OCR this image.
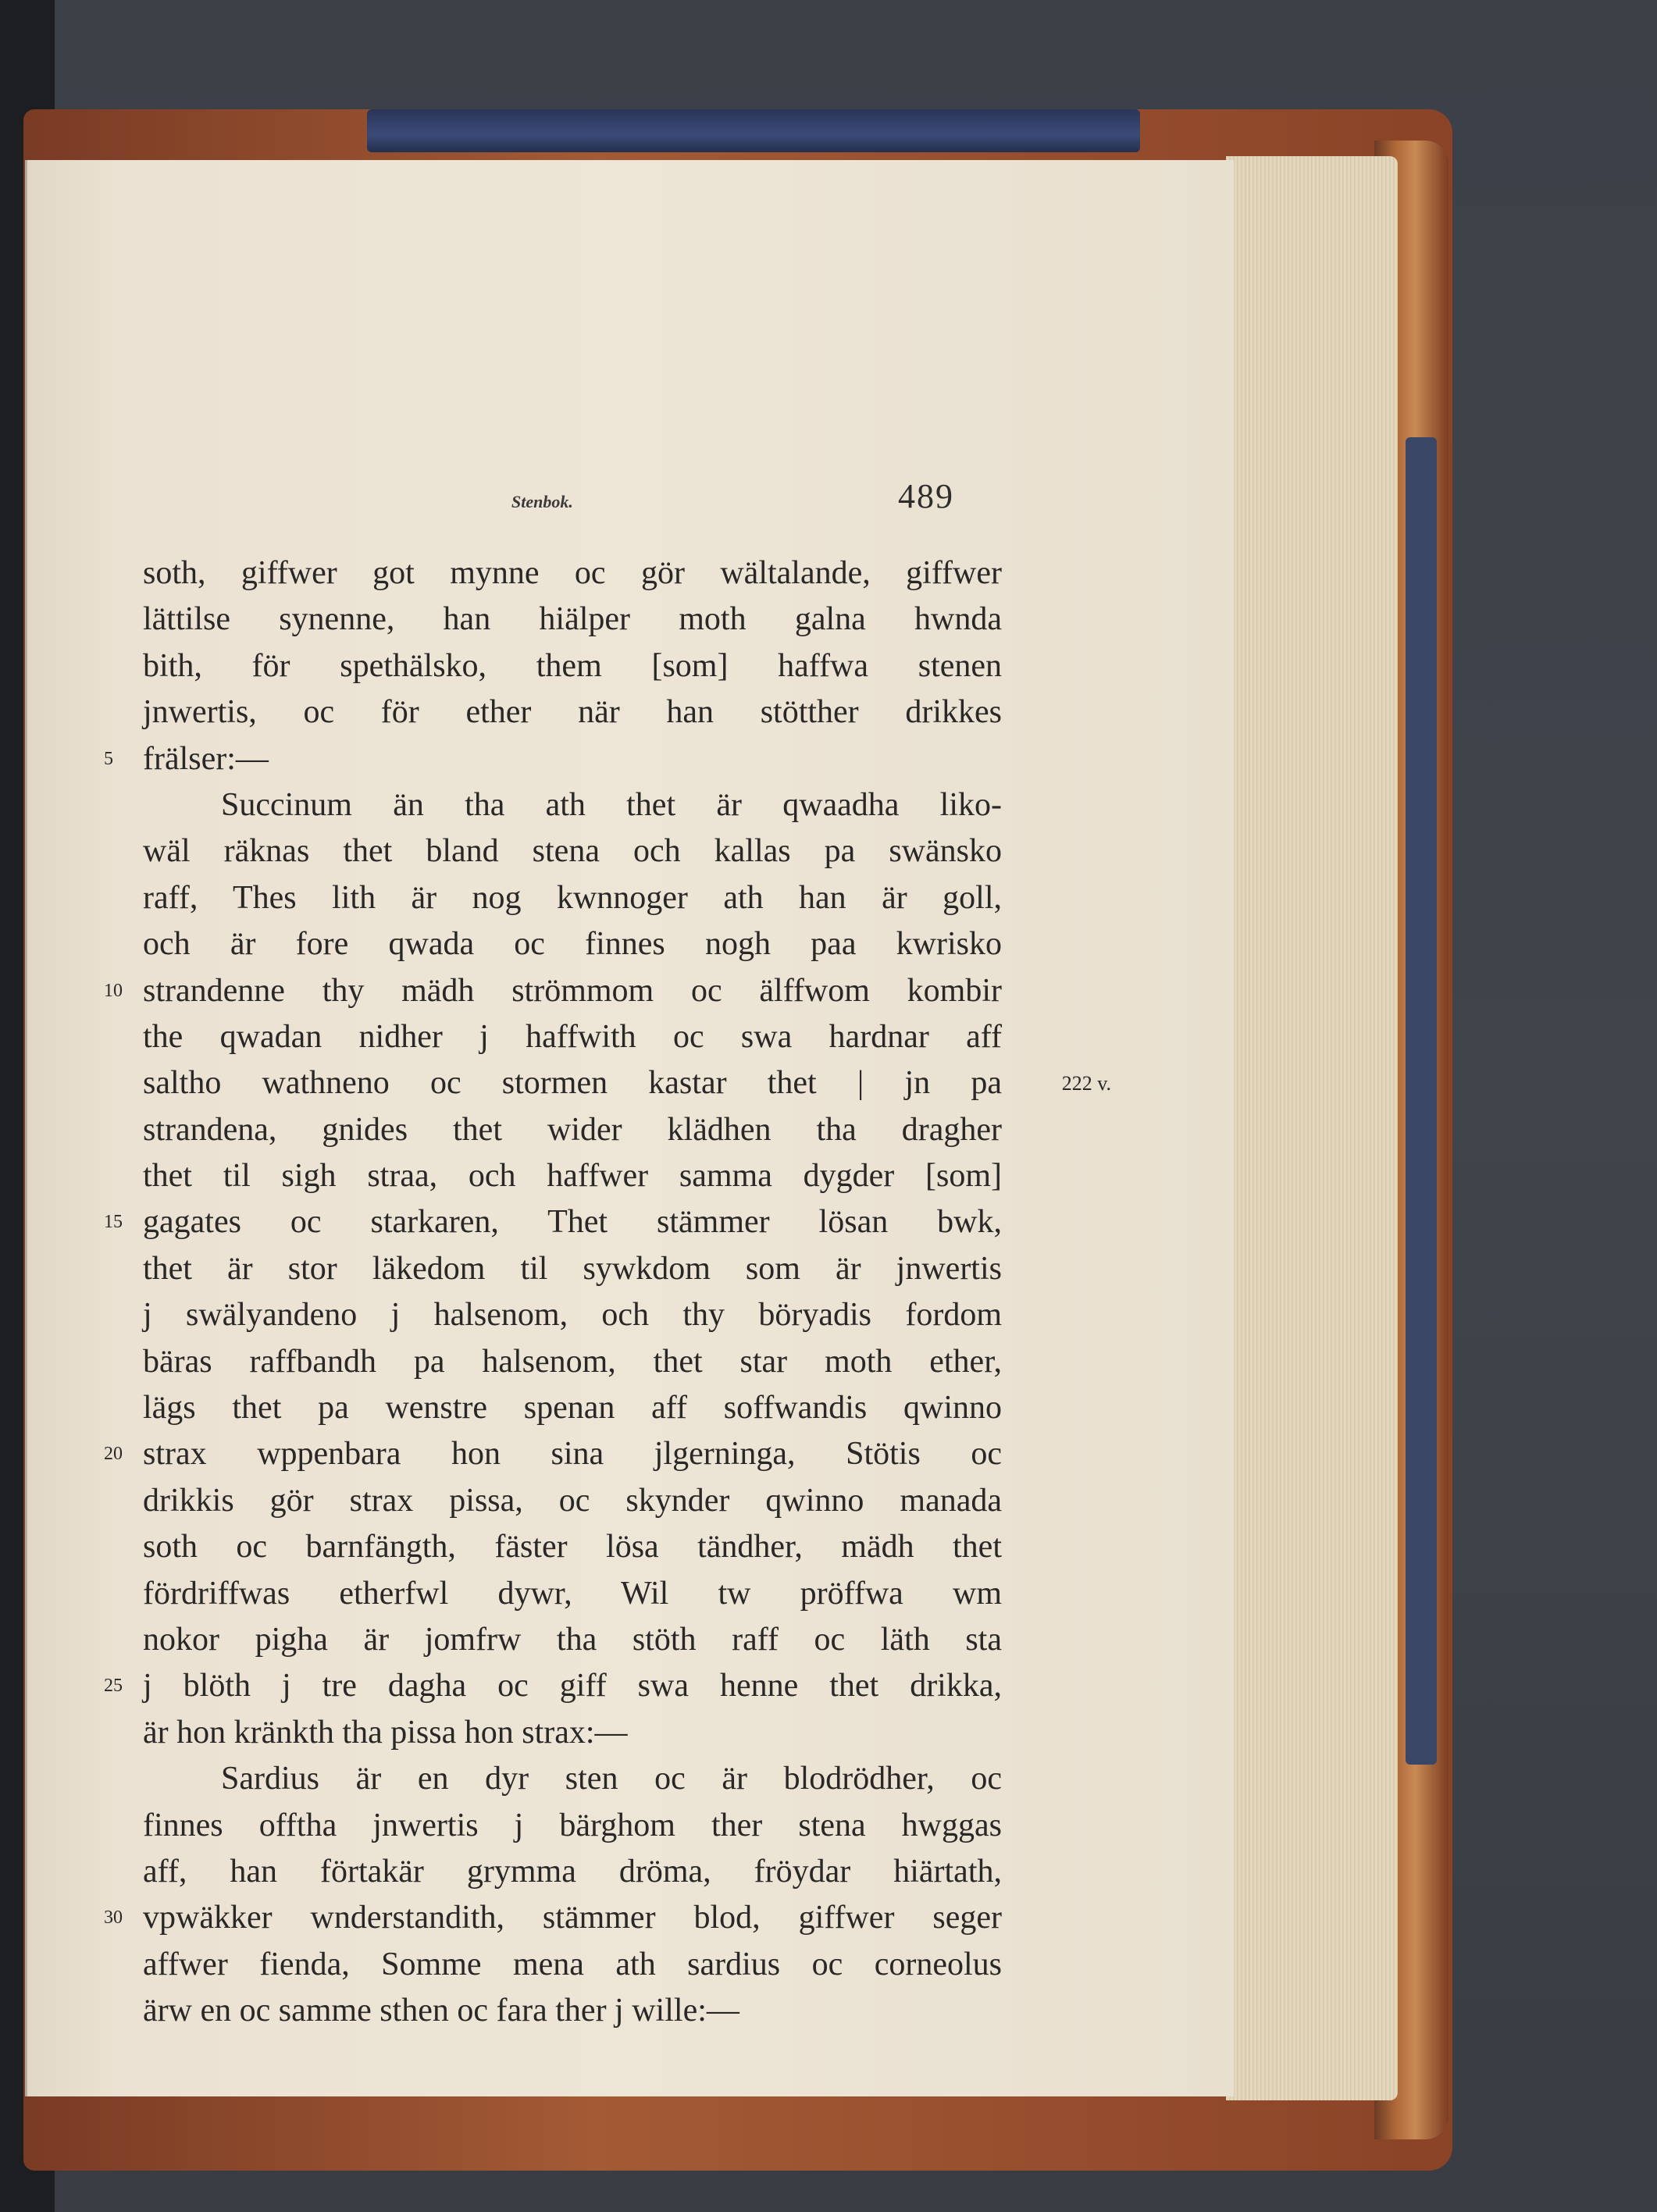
Stenbok.	489
soth, giffwer got mynne oc gör wältalande, giffwer
lättilse synenne, han hiälper moth galna hwnda
bith, för spethälsko, them [som] haffwa stenen
jnwertis, oc för ether när han stötther drikkes
5 frälser:—
Succinum än tha ath thet är qwaadha liko-
wäl räknas thet bland stena och kallas pa swänsko
raff, Thes lith är nog kwnnoger ath han är goll,
och är fore qwada oc finnes nogh paa kwrisko
10 strandenne thy mädh strömmom oc älffwom kombir
the qwadan nidher j haffwith oc swa hardnar aff
saltho wathneno oc stormen kastar thet | jn pa	222 v.
strandena, gnides thet wider klädhen tha dragher
thet til sigh straa, och haffwer samma dygder [som]
15 gagates oc starkaren, Thet stämmer lösan bwk,
thet är stor läkedom til sywkdom som är jnwertis
j swälyandeno j halsenom, och thy böryadis fordom
bäras raffbandh pa halsenom, thet star moth ether,
lägs thet pa wenstre spenan aff soffwandis qwinno
20 strax wppenbara hon sina jlgerninga, Stötis oc
drikkis gör strax pissa, oc skynder qwinno manada
soth oc barnfängth, fäster lösa tändher, mädh thet
fördriffwas etherfwl dywr, Wil tw pröffwa wm
nokor pigha är jomfrw tha stöth raff oc läth sta
25 j blöth j tre dagha oc giff swa henne thet drikka,
är hon kränkth tha pissa hon strax:—
Sardius är en dyr sten oc är blodrödher, oc
finnes offtha jnwertis j bärghom ther stena hwggas
aff, han förtakär grymma dröma, fröydar hiärtath,
30 vpwäkker wnderstandith, stämmer blod, giffwer seger
affwer fienda, Somme mena ath sardius oc corneolus
ärw en oc samme sthen oc fara ther j wille:—
